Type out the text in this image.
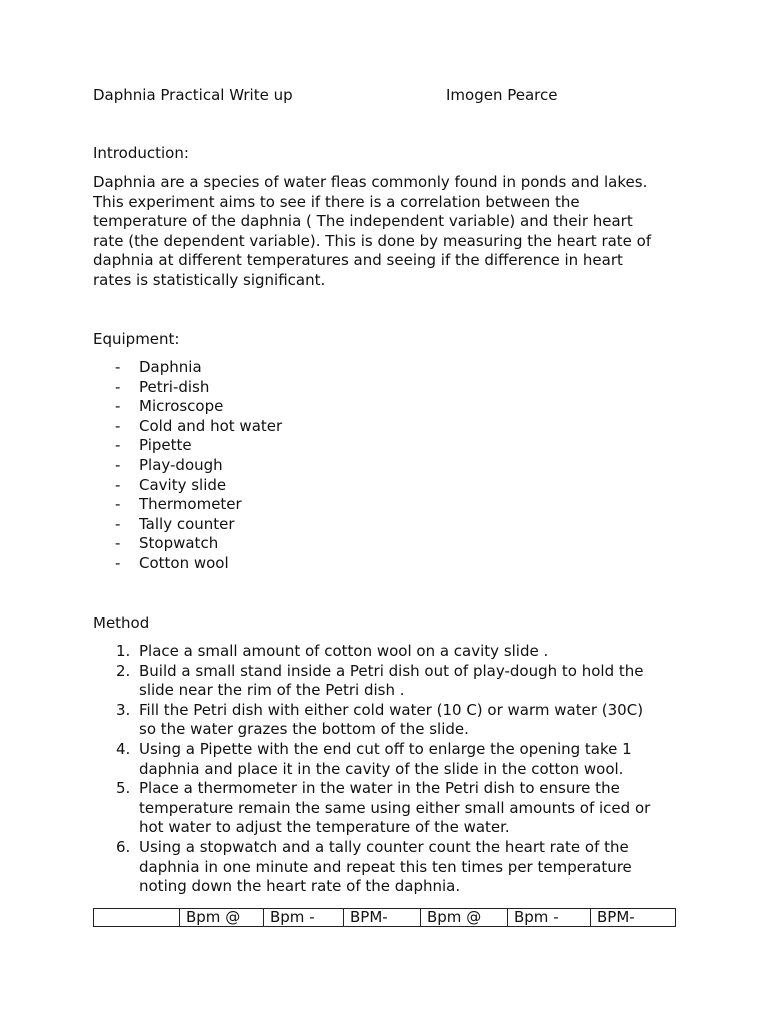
Daphnia Practical Write up	Imogen Pearce
Introduction:
Daphnia are a species of water fleas commonly found in ponds and lakes.
This experiment aims to see if there is a correlation between the
temperature of the daphnia ( The independent variable) and their heart
rate (the dependent variable). This is done by measuring the heart rate of
daphnia at different temperatures and seeing if the difference in heart
rates is statistically significant.
Equipment:
- Daphnia
- Petri-dish
- Microscope
- Cold and hot water
- Pipette
- Play-dough
- Cavity slide
- Thermometer
- Tally counter
- Stopwatch
- Cotton wool
Method
1. Place a small amount of cotton wool on a cavity slide .
2. Build a small stand inside a Petri dish out of play-dough to hold the
slide near the rim of the Petri dish .
3. Fill the Petri dish with either cold water (10 C) or warm water (30C)
so the water grazes the bottom of the slide.
4. Using a Pipette with the end cut off to enlarge the opening take 1
daphnia and place it in the cavity of the slide in the cotton wool.
5. Place a thermometer in the water in the Petri dish to ensure the
temperature remain the same using either small amounts of iced or
hot water to adjust the temperature of the water.
6. Using a stopwatch and a tally counter count the heart rate of the
daphnia in one minute and repeat this ten times per temperature
noting down the heart rate of the daphnia.
	Bpm @	Bpm -	BPM-	Bpm @	Bpm -	BPM-
